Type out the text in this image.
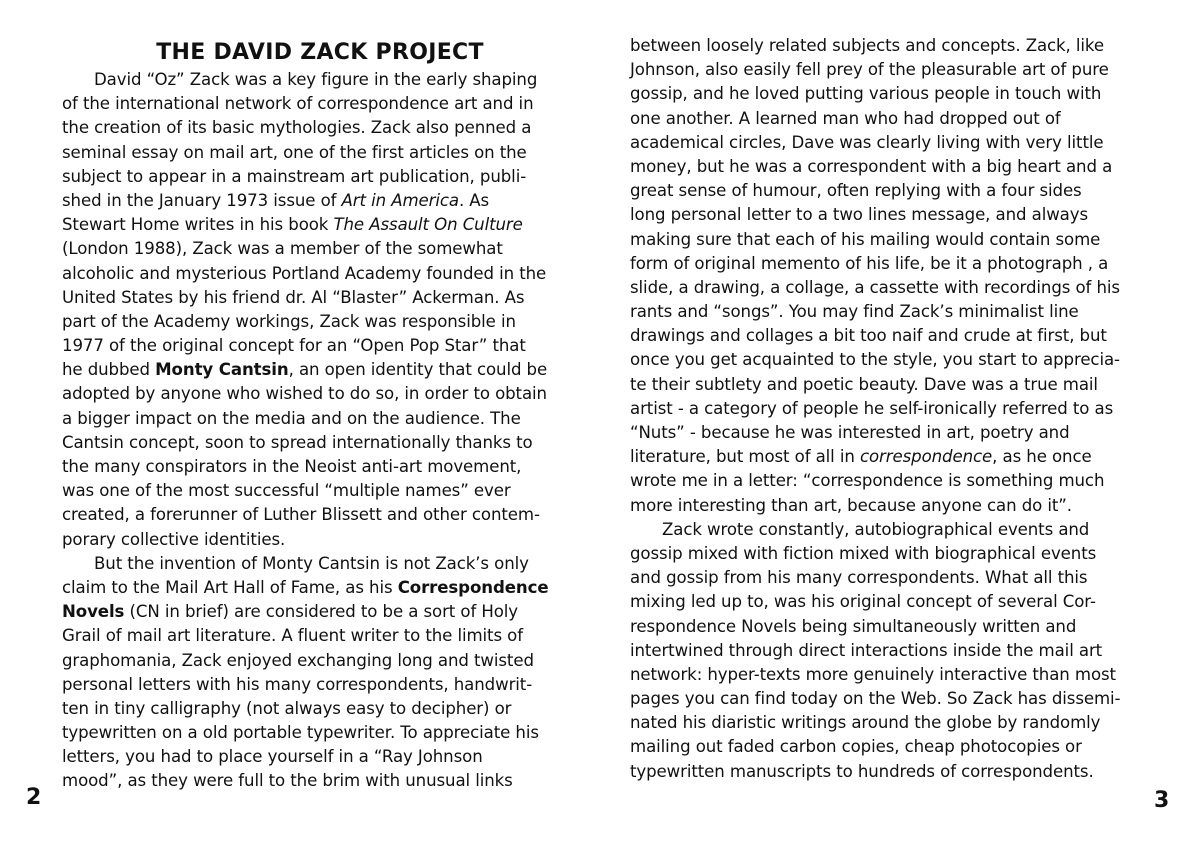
THE DAVID ZACK PROJECT
David “Oz” Zack was a key figure in the early shaping
of the international network of correspondence art and in
the creation of its basic mythologies. Zack also penned a
seminal essay on mail art, one of the first articles on the
subject to appear in a mainstream art publication, publi-
shed in the January 1973 issue of Art in America. As
Stewart Home writes in his book The Assault On Culture
(London 1988), Zack was a member of the somewhat
alcoholic and mysterious Portland Academy founded in the
United States by his friend dr. Al “Blaster” Ackerman. As
part of the Academy workings, Zack was responsible in
1977 of the original concept for an “Open Pop Star” that
he dubbed Monty Cantsin, an open identity that could be
adopted by anyone who wished to do so, in order to obtain
a bigger impact on the media and on the audience. The
Cantsin concept, soon to spread internationally thanks to
the many conspirators in the Neoist anti-art movement,
was one of the most successful “multiple names” ever
created, a forerunner of Luther Blissett and other contem-
porary collective identities.
But the invention of Monty Cantsin is not Zack’s only
claim to the Mail Art Hall of Fame, as his Correspondence
Novels (CN in brief) are considered to be a sort of Holy
Grail of mail art literature. A fluent writer to the limits of
graphomania, Zack enjoyed exchanging long and twisted
personal letters with his many correspondents, handwrit-
ten in tiny calligraphy (not always easy to decipher) or
typewritten on a old portable typewriter. To appreciate his
letters, you had to place yourself in a “Ray Johnson
mood”, as they were full to the brim with unusual links
2
between loosely related subjects and concepts. Zack, like
Johnson, also easily fell prey of the pleasurable art of pure
gossip, and he loved putting various people in touch with
one another. A learned man who had dropped out of
academical circles, Dave was clearly living with very little
money, but he was a correspondent with a big heart and a
great sense of humour, often replying with a four sides
long personal letter to a two lines message, and always
making sure that each of his mailing would contain some
form of original memento of his life, be it a photograph , a
slide, a drawing, a collage, a cassette with recordings of his
rants and “songs”. You may find Zack’s minimalist line
drawings and collages a bit too naif and crude at first, but
once you get acquainted to the style, you start to apprecia-
te their subtlety and poetic beauty. Dave was a true mail
artist - a category of people he self-ironically referred to as
“Nuts” - because he was interested in art, poetry and
literature, but most of all in correspondence, as he once
wrote me in a letter: “correspondence is something much
more interesting than art, because anyone can do it”.
Zack wrote constantly, autobiographical events and
gossip mixed with fiction mixed with biographical events
and gossip from his many correspondents. What all this
mixing led up to, was his original concept of several Cor-
respondence Novels being simultaneously written and
intertwined through direct interactions inside the mail art
network: hyper-texts more genuinely interactive than most
pages you can find today on the Web. So Zack has dissemi-
nated his diaristic writings around the globe by randomly
mailing out faded carbon copies, cheap photocopies or
typewritten manuscripts to hundreds of correspondents.
3
